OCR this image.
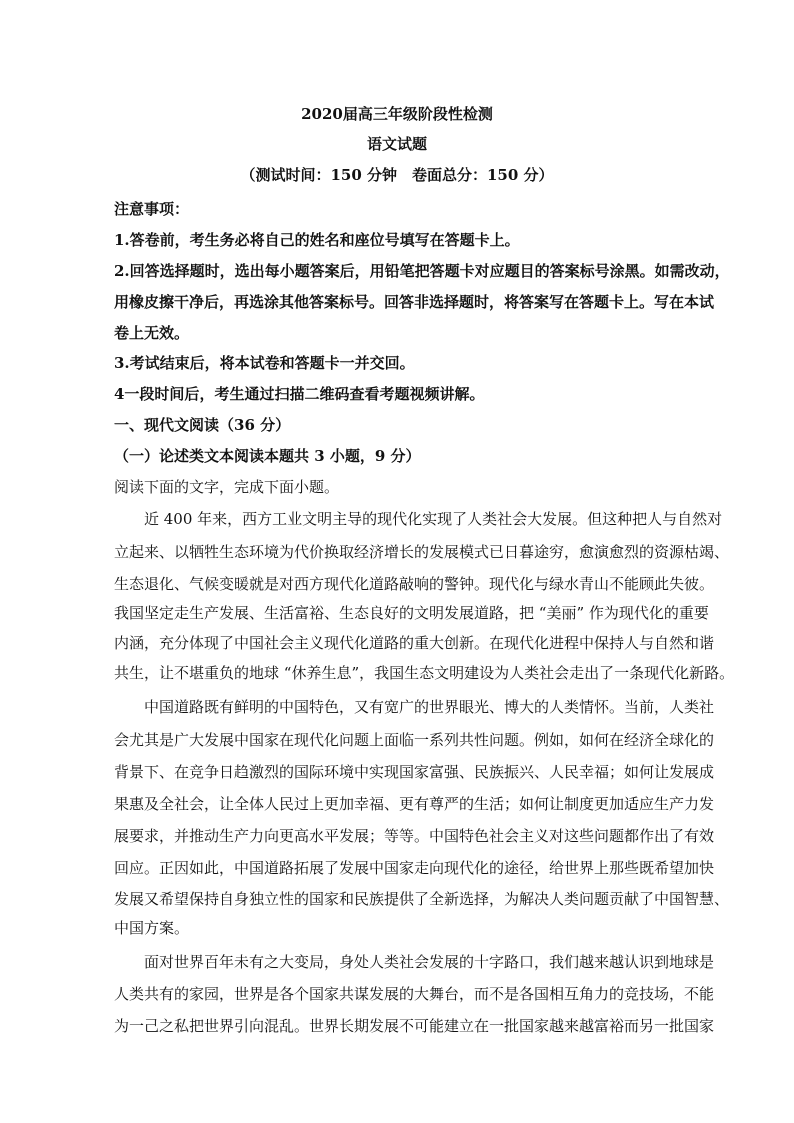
2020届高三年级阶段性检测
语文试题
（测试时间：150 分钟　卷面总分：150 分）
注意事项：
1.答卷前，考生务必将自己的姓名和座位号填写在答题卡上。
2.回答选择题时，选出每小题答案后，用铅笔把答题卡对应题目的答案标号涂黑。如需改动，
用橡皮擦干净后，再选涂其他答案标号。回答非选择题时，将答案写在答题卡上。写在本试
卷上无效。
3.考试结束后，将本试卷和答题卡一并交回。
4一段时间后，考生通过扫描二维码查看考题视频讲解。
一、现代文阅读（36 分）
（一）论述类文本阅读本题共 3 小题，9 分）
阅读下面的文字，完成下面小题。
近 400 年来，西方工业文明主导的现代化实现了人类社会大发展。但这种把人与自然对
立起来、以牺牲生态环境为代价换取经济增长的发展模式已日暮途穷，愈演愈烈的资源枯竭、
生态退化、气候变暖就是对西方现代化道路敲响的警钟。现代化与绿水青山不能顾此失彼。
我国坚定走生产发展、生活富裕、生态良好的文明发展道路，把 “美丽” 作为现代化的重要
内涵，充分体现了中国社会主义现代化道路的重大创新。在现代化进程中保持人与自然和谐
共生，让不堪重负的地球 “休养生息”，我国生态文明建设为人类社会走出了一条现代化新路。
中国道路既有鲜明的中国特色，又有宽广的世界眼光、博大的人类情怀。当前，人类社
会尤其是广大发展中国家在现代化问题上面临一系列共性问题。例如，如何在经济全球化的
背景下、在竞争日趋激烈的国际环境中实现国家富强、民族振兴、人民幸福；如何让发展成
果惠及全社会，让全体人民过上更加幸福、更有尊严的生活；如何让制度更加适应生产力发
展要求，并推动生产力向更高水平发展；等等。中国特色社会主义对这些问题都作出了有效
回应。正因如此，中国道路拓展了发展中国家走向现代化的途径，给世界上那些既希望加快
发展又希望保持自身独立性的国家和民族提供了全新选择，为解决人类问题贡献了中国智慧、
中国方案。
面对世界百年未有之大变局，身处人类社会发展的十字路口，我们越来越认识到地球是
人类共有的家园，世界是各个国家共谋发展的大舞台，而不是各国相互角力的竞技场，不能
为一己之私把世界引向混乱。世界长期发展不可能建立在一批国家越来越富裕而另一批国家
